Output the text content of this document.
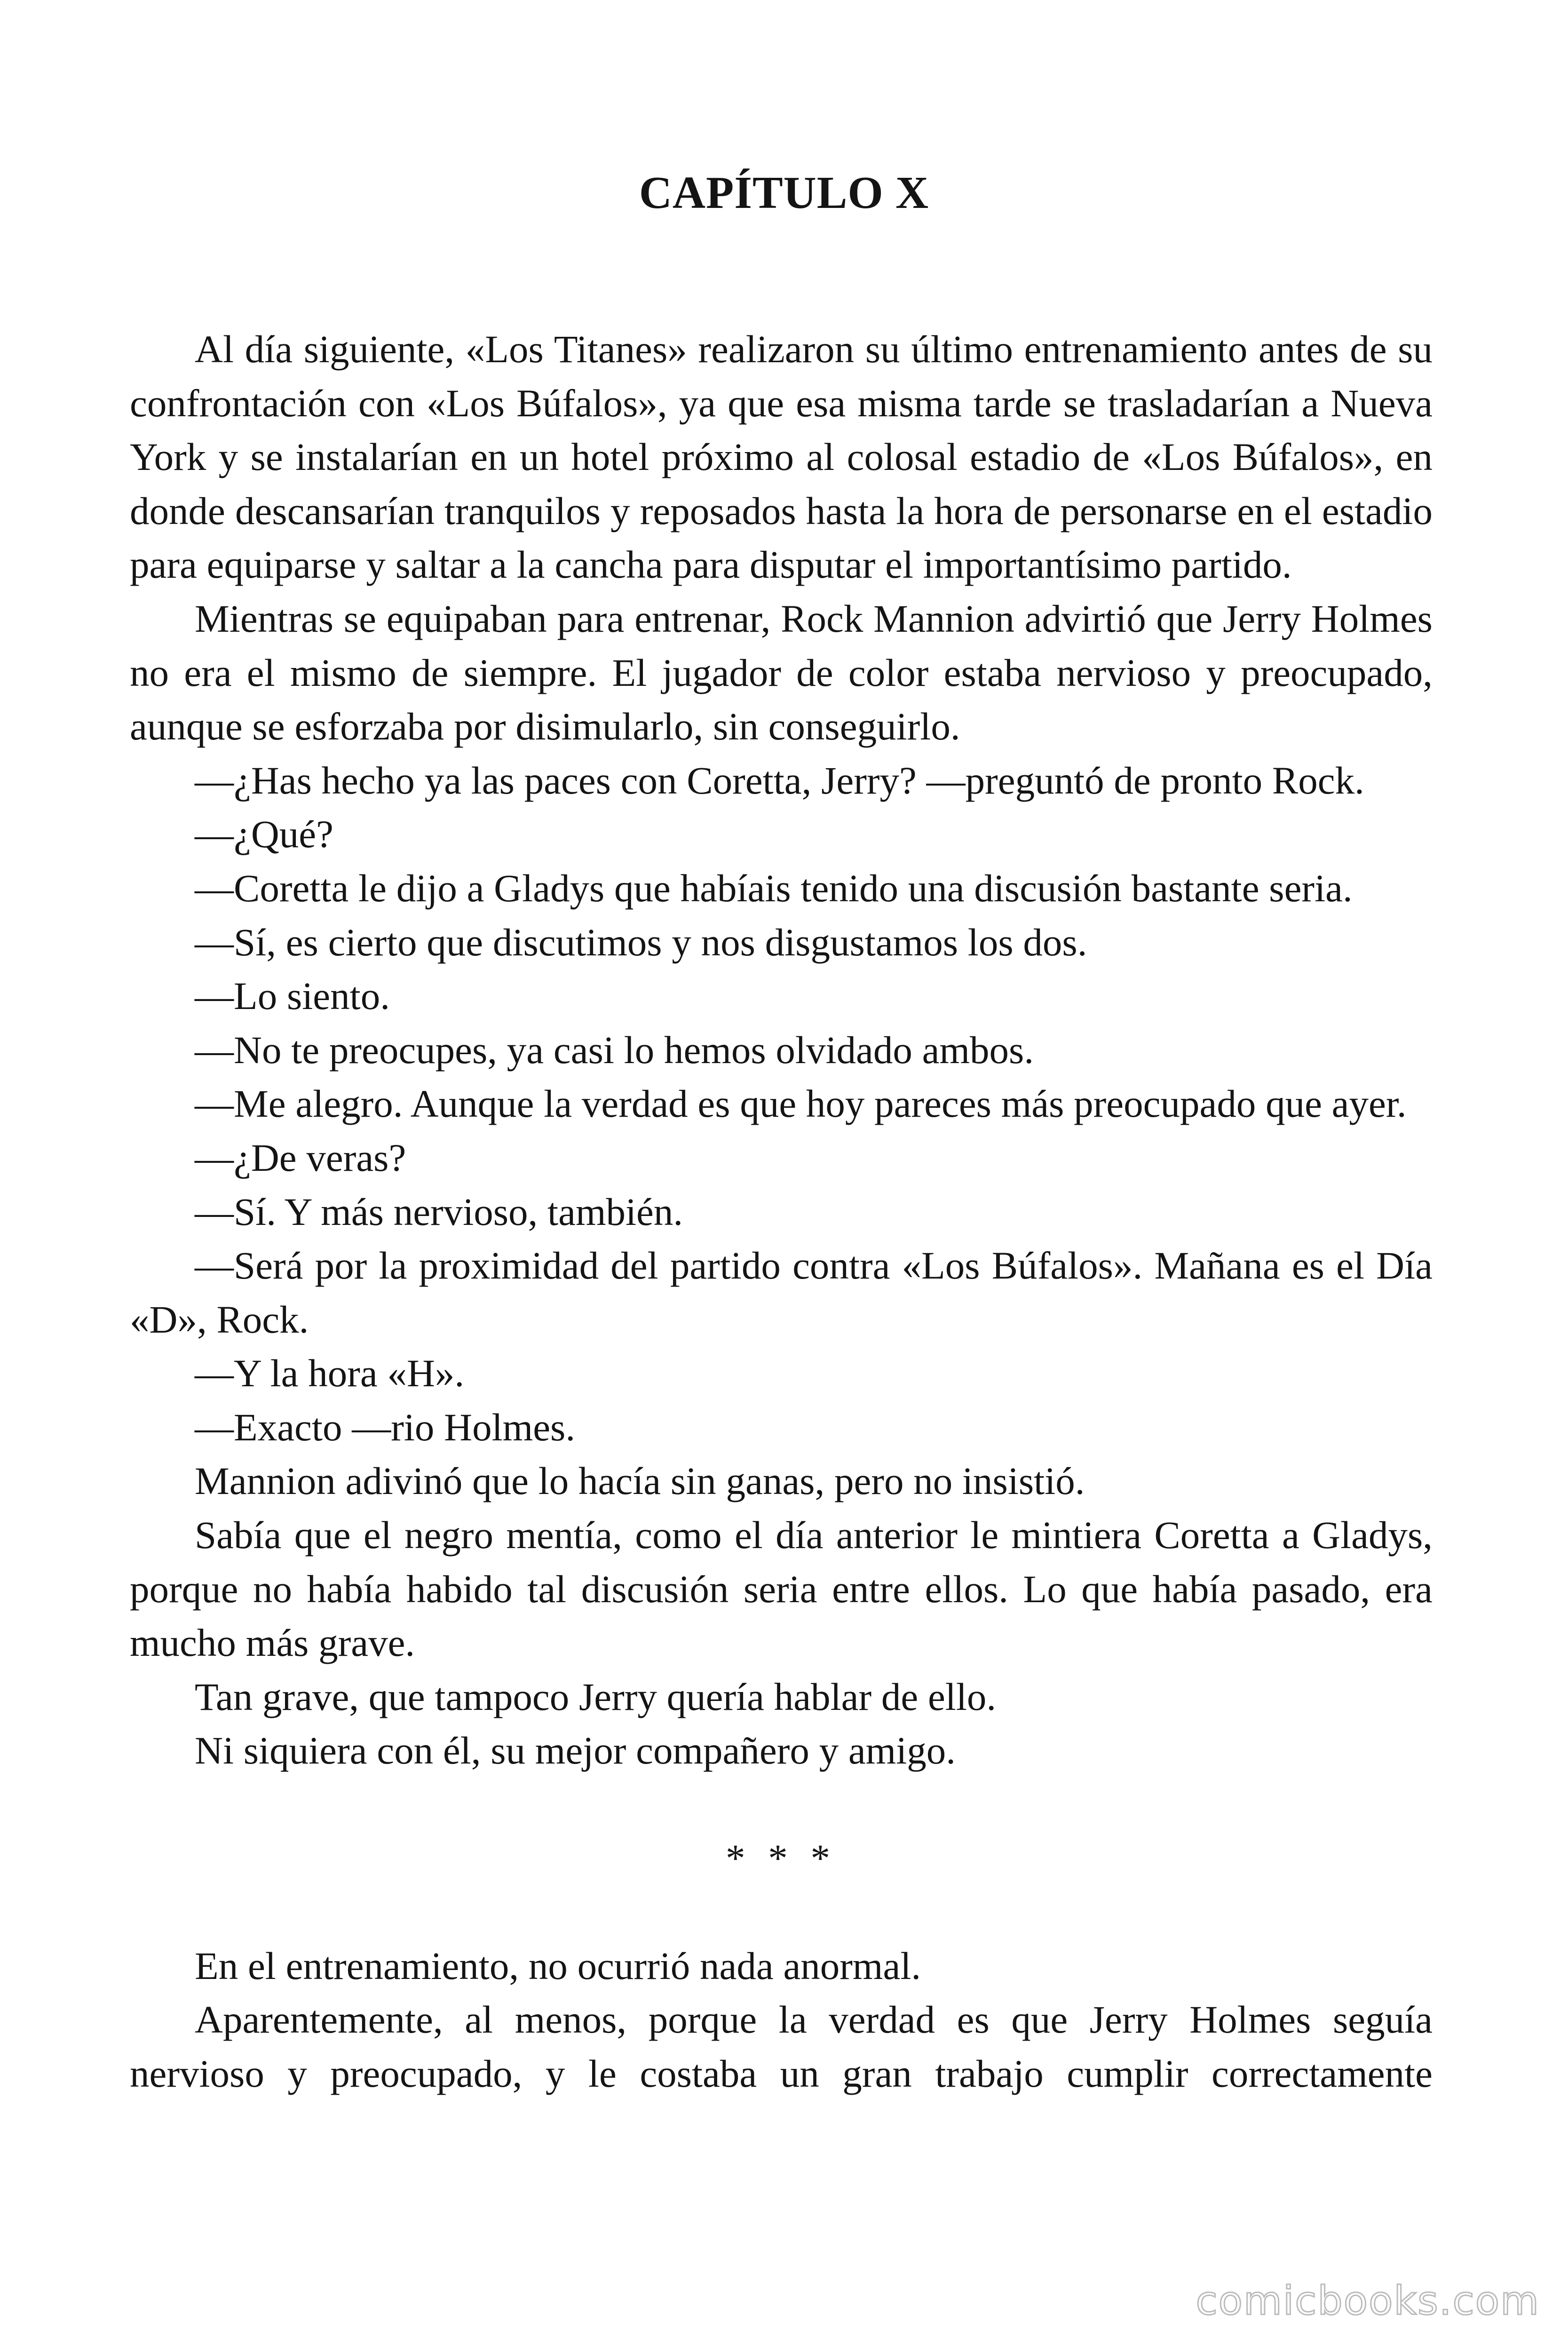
CAPÍTULO X

Al día siguiente, «Los Titanes» realizaron su último entrenamiento antes de su confrontación con «Los Búfalos», ya que esa misma tarde se trasladarían a Nueva York y se instalarían en un hotel próximo al colosal estadio de «Los Búfalos», en donde descansarían tranquilos y reposados hasta la hora de personarse en el estadio para equiparse y saltar a la cancha para disputar el importantísimo partido.

Mientras se equipaban para entrenar, Rock Mannion advirtió que Jerry Holmes no era el mismo de siempre. El jugador de color estaba nervioso y preocupado, aunque se esforzaba por disimularlo, sin conseguirlo.

—¿Has hecho ya las paces con Coretta, Jerry? —preguntó de pronto Rock.

—¿Qué?

—Coretta le dijo a Gladys que habíais tenido una discusión bastante seria.

—Sí, es cierto que discutimos y nos disgustamos los dos.

—Lo siento.

—No te preocupes, ya casi lo hemos olvidado ambos.

—Me alegro. Aunque la verdad es que hoy pareces más preocupado que ayer.

—¿De veras?

—Sí. Y más nervioso, también.

—Será por la proximidad del partido contra «Los Búfalos». Mañana es el Día «D», Rock.

—Y la hora «H».

—Exacto —rio Holmes.

Mannion adivinó que lo hacía sin ganas, pero no insistió.

Sabía que el negro mentía, como el día anterior le mintiera Coretta a Gladys, porque no había habido tal discusión seria entre ellos. Lo que había pasado, era mucho más grave.

Tan grave, que tampoco Jerry quería hablar de ello.

Ni siquiera con él, su mejor compañero y amigo.

* * *

En el entrenamiento, no ocurrió nada anormal.

Aparentemente, al menos, porque la verdad es que Jerry Holmes seguía nervioso y preocupado, y le costaba un gran trabajo cumplir correctamente

comicbooks.com
